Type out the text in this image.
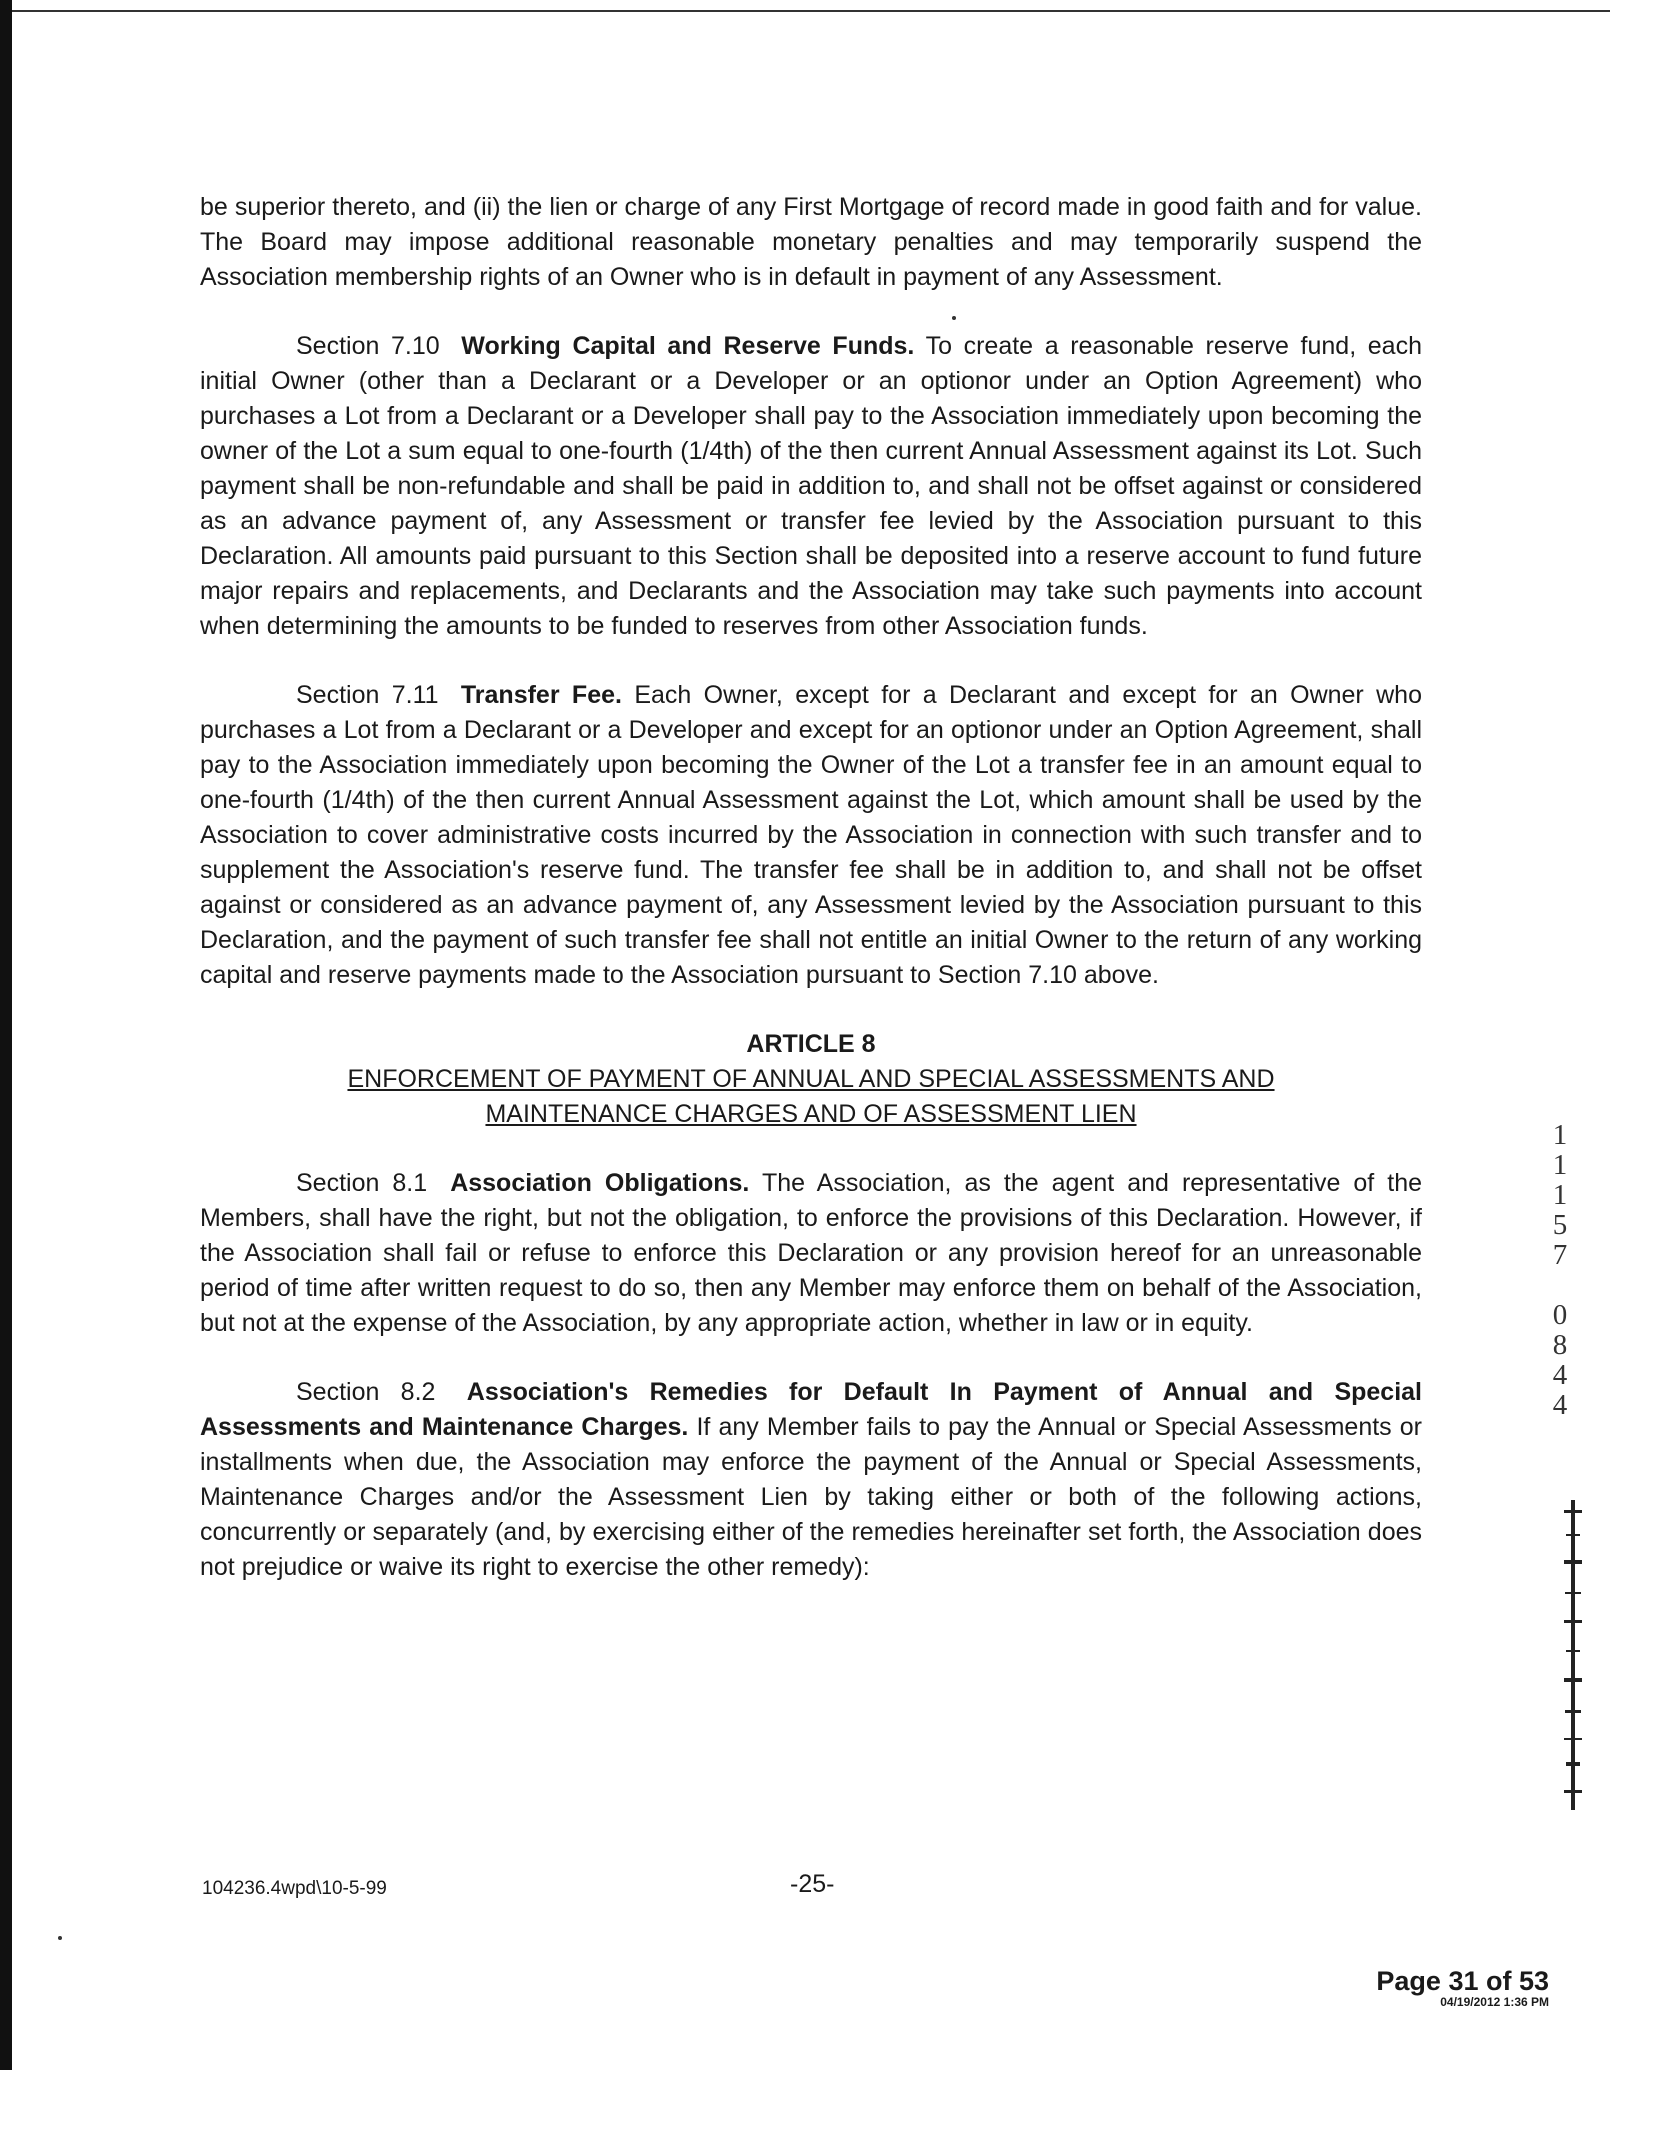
be superior thereto, and (ii) the lien or charge of any First Mortgage of record made in good faith and for value. The Board may impose additional reasonable monetary penalties and may temporarily suspend the Association membership rights of an Owner who is in default in payment of any Assessment.

Section 7.10 Working Capital and Reserve Funds. To create a reasonable reserve fund, each initial Owner (other than a Declarant or a Developer or an optionor under an Option Agreement) who purchases a Lot from a Declarant or a Developer shall pay to the Association immediately upon becoming the owner of the Lot a sum equal to one-fourth (1/4th) of the then current Annual Assessment against its Lot. Such payment shall be non-refundable and shall be paid in addition to, and shall not be offset against or considered as an advance payment of, any Assessment or transfer fee levied by the Association pursuant to this Declaration. All amounts paid pursuant to this Section shall be deposited into a reserve account to fund future major repairs and replacements, and Declarants and the Association may take such payments into account when determining the amounts to be funded to reserves from other Association funds.

Section 7.11 Transfer Fee. Each Owner, except for a Declarant and except for an Owner who purchases a Lot from a Declarant or a Developer and except for an optionor under an Option Agreement, shall pay to the Association immediately upon becoming the Owner of the Lot a transfer fee in an amount equal to one-fourth (1/4th) of the then current Annual Assessment against the Lot, which amount shall be used by the Association to cover administrative costs incurred by the Association in connection with such transfer and to supplement the Association's reserve fund. The transfer fee shall be in addition to, and shall not be offset against or considered as an advance payment of, any Assessment levied by the Association pursuant to this Declaration, and the payment of such transfer fee shall not entitle an initial Owner to the return of any working capital and reserve payments made to the Association pursuant to Section 7.10 above.

ARTICLE 8
ENFORCEMENT OF PAYMENT OF ANNUAL AND SPECIAL ASSESSMENTS AND MAINTENANCE CHARGES AND OF ASSESSMENT LIEN

Section 8.1 Association Obligations. The Association, as the agent and representative of the Members, shall have the right, but not the obligation, to enforce the provisions of this Declaration. However, if the Association shall fail or refuse to enforce this Declaration or any provision hereof for an unreasonable period of time after written request to do so, then any Member may enforce them on behalf of the Association, but not at the expense of the Association, by any appropriate action, whether in law or in equity.

Section 8.2 Association's Remedies for Default In Payment of Annual and Special Assessments and Maintenance Charges. If any Member fails to pay the Annual or Special Assessments or installments when due, the Association may enforce the payment of the Annual or Special Assessments, Maintenance Charges and/or the Assessment Lien by taking either or both of the following actions, concurrently or separately (and, by exercising either of the remedies hereinafter set forth, the Association does not prejudice or waive its right to exercise the other remedy):

104236.4wpd\10-5-99	-25-
1
1
1
5
7
0
8
4
4
Page 31 of 53
04/19/2012 1:36 PM
